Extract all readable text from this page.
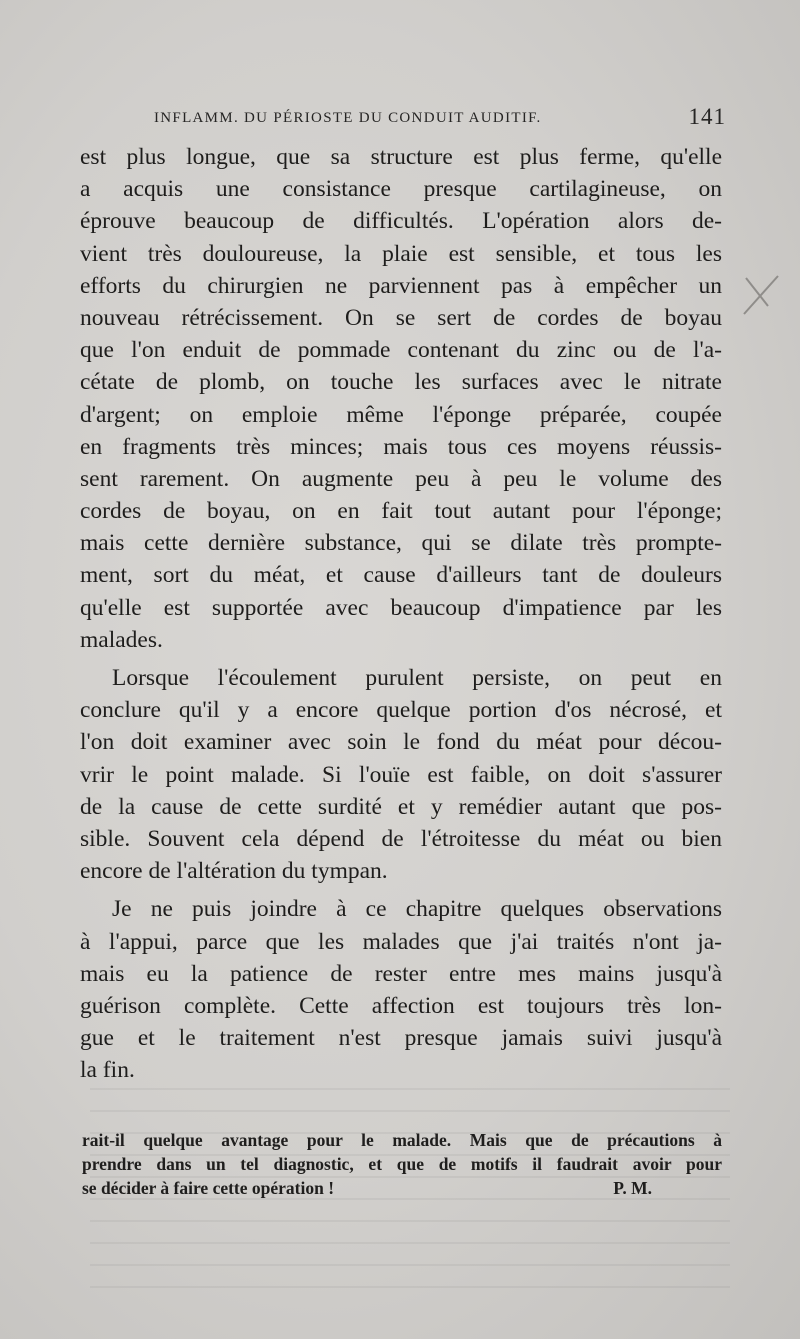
INFLAMM. DU PÉRIOSTE DU CONDUIT AUDITIF.	141
est plus longue, que sa structure est plus ferme, qu'elle
a acquis une consistance presque cartilagineuse, on
éprouve beaucoup de difficultés. L'opération alors de-
vient très douloureuse, la plaie est sensible, et tous les
efforts du chirurgien ne parviennent pas à empêcher un
nouveau rétrécissement. On se sert de cordes de boyau
que l'on enduit de pommade contenant du zinc ou de l'a-
cétate de plomb, on touche les surfaces avec le nitrate
d'argent; on emploie même l'éponge préparée, coupée
en fragments très minces; mais tous ces moyens réussis-
sent rarement. On augmente peu à peu le volume des
cordes de boyau, on en fait tout autant pour l'éponge;
mais cette dernière substance, qui se dilate très prompte-
ment, sort du méat, et cause d'ailleurs tant de douleurs
qu'elle est supportée avec beaucoup d'impatience par les
malades.
Lorsque l'écoulement purulent persiste, on peut en
conclure qu'il y a encore quelque portion d'os nécrosé, et
l'on doit examiner avec soin le fond du méat pour décou-
vrir le point malade. Si l'ouïe est faible, on doit s'assurer
de la cause de cette surdité et y remédier autant que pos-
sible. Souvent cela dépend de l'étroitesse du méat ou bien
encore de l'altération du tympan.
Je ne puis joindre à ce chapitre quelques observations
à l'appui, parce que les malades que j'ai traités n'ont ja-
mais eu la patience de rester entre mes mains jusqu'à
guérison complète. Cette affection est toujours très lon-
gue et le traitement n'est presque jamais suivi jusqu'à
la fin.
rait-il quelque avantage pour le malade. Mais que de précautions à
prendre dans un tel diagnostic, et que de motifs il faudrait avoir pour
se décider à faire cette opération !	P. M.
